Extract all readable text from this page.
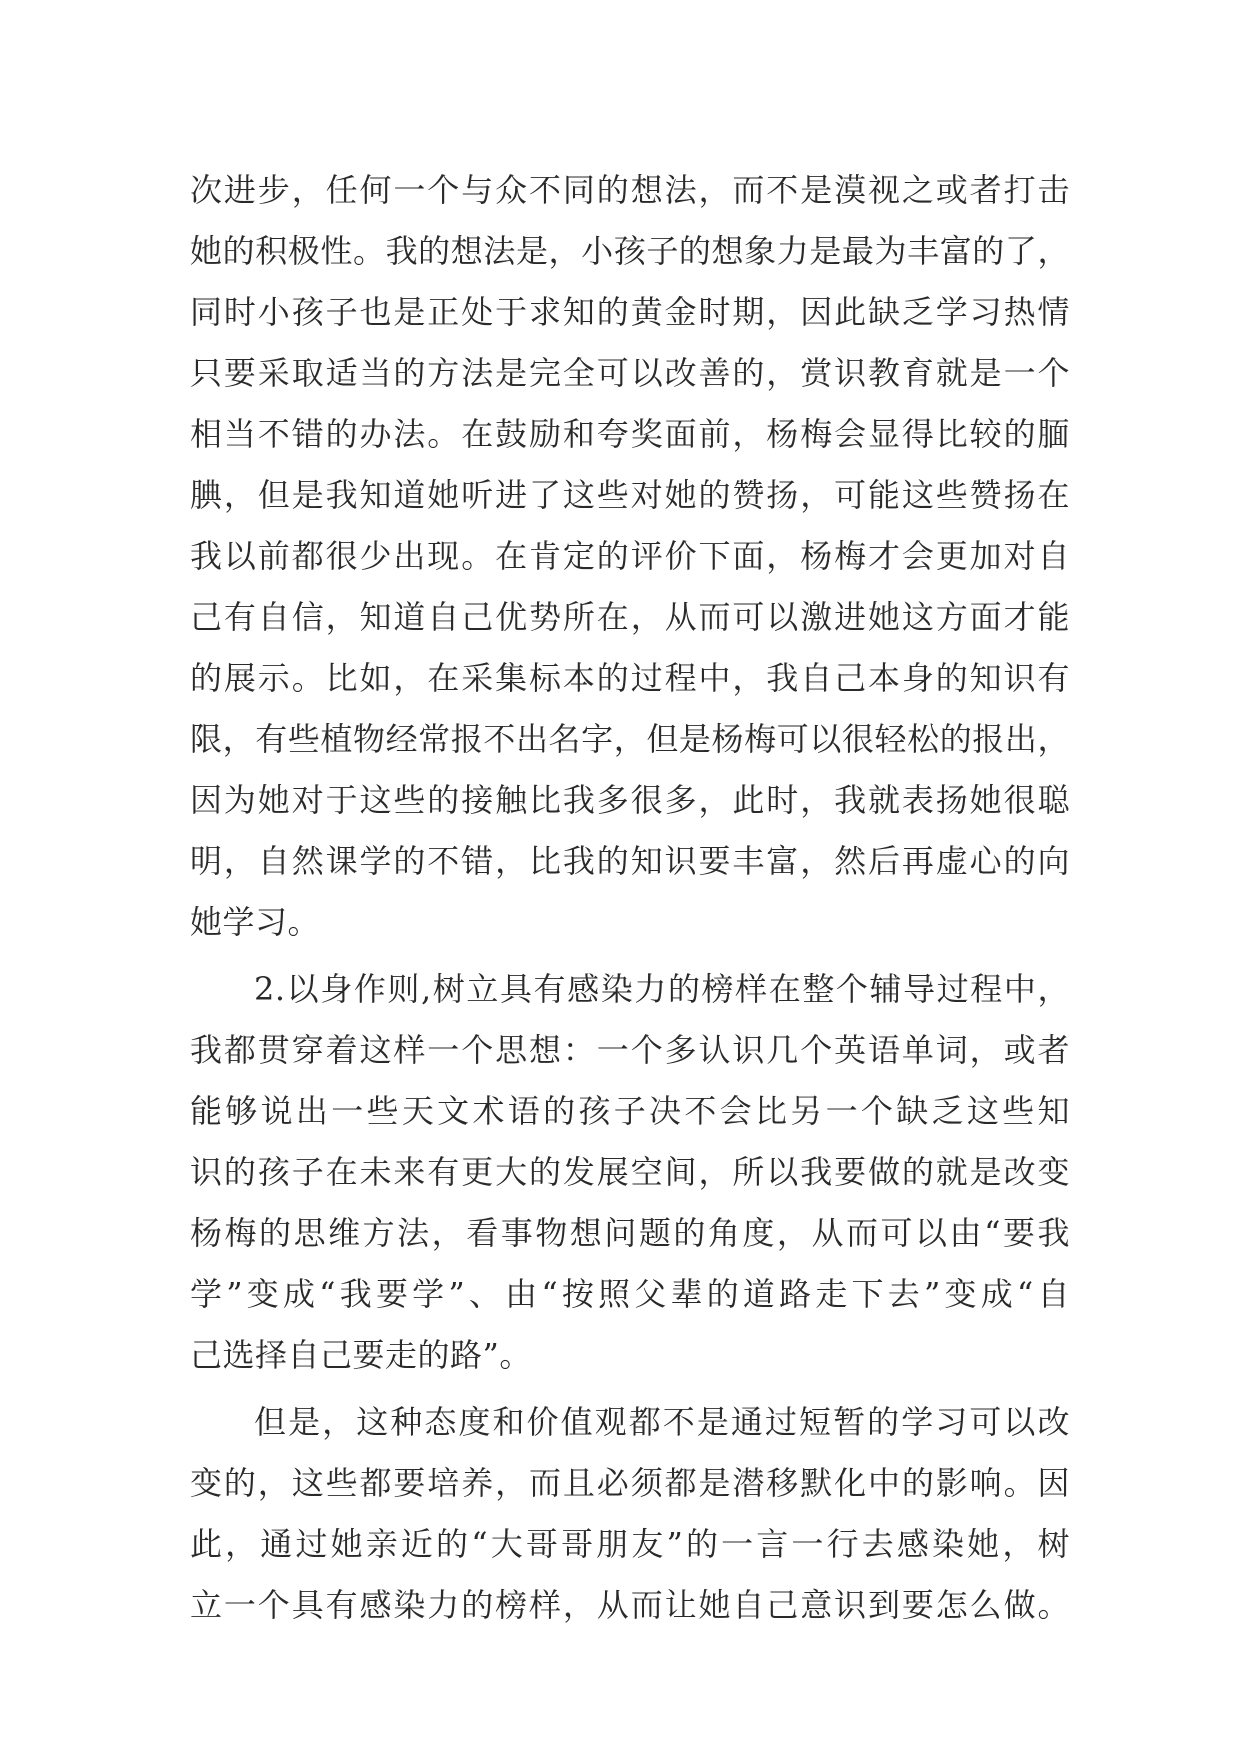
次进步，任何一个与众不同的想法，而不是漠视之或者打击
她的积极性。我的想法是，小孩子的想象力是最为丰富的了，
同时小孩子也是正处于求知的黄金时期，因此缺乏学习热情
只要采取适当的方法是完全可以改善的，赏识教育就是一个
相当不错的办法。在鼓励和夸奖面前，杨梅会显得比较的腼
腆，但是我知道她听进了这些对她的赞扬，可能这些赞扬在
我以前都很少出现。在肯定的评价下面，杨梅才会更加对自
己有自信，知道自己优势所在，从而可以激进她这方面才能
的展示。比如，在采集标本的过程中，我自己本身的知识有
限，有些植物经常报不出名字，但是杨梅可以很轻松的报出，
因为她对于这些的接触比我多很多，此时，我就表扬她很聪
明，自然课学的不错，比我的知识要丰富，然后再虚心的向
她学习。
2.以身作则,树立具有感染力的榜样在整个辅导过程中，
我都贯穿着这样一个思想：一个多认识几个英语单词，或者
能够说出一些天文术语的孩子决不会比另一个缺乏这些知
识的孩子在未来有更大的发展空间，所以我要做的就是改变
杨梅的思维方法，看事物想问题的角度，从而可以由“要我
学”变成“我要学”、由“按照父辈的道路走下去”变成“自
己选择自己要走的路”。
但是，这种态度和价值观都不是通过短暂的学习可以改
变的，这些都要培养，而且必须都是潜移默化中的影响。因
此，通过她亲近的“大哥哥朋友”的一言一行去感染她，树
立一个具有感染力的榜样，从而让她自己意识到要怎么做。
